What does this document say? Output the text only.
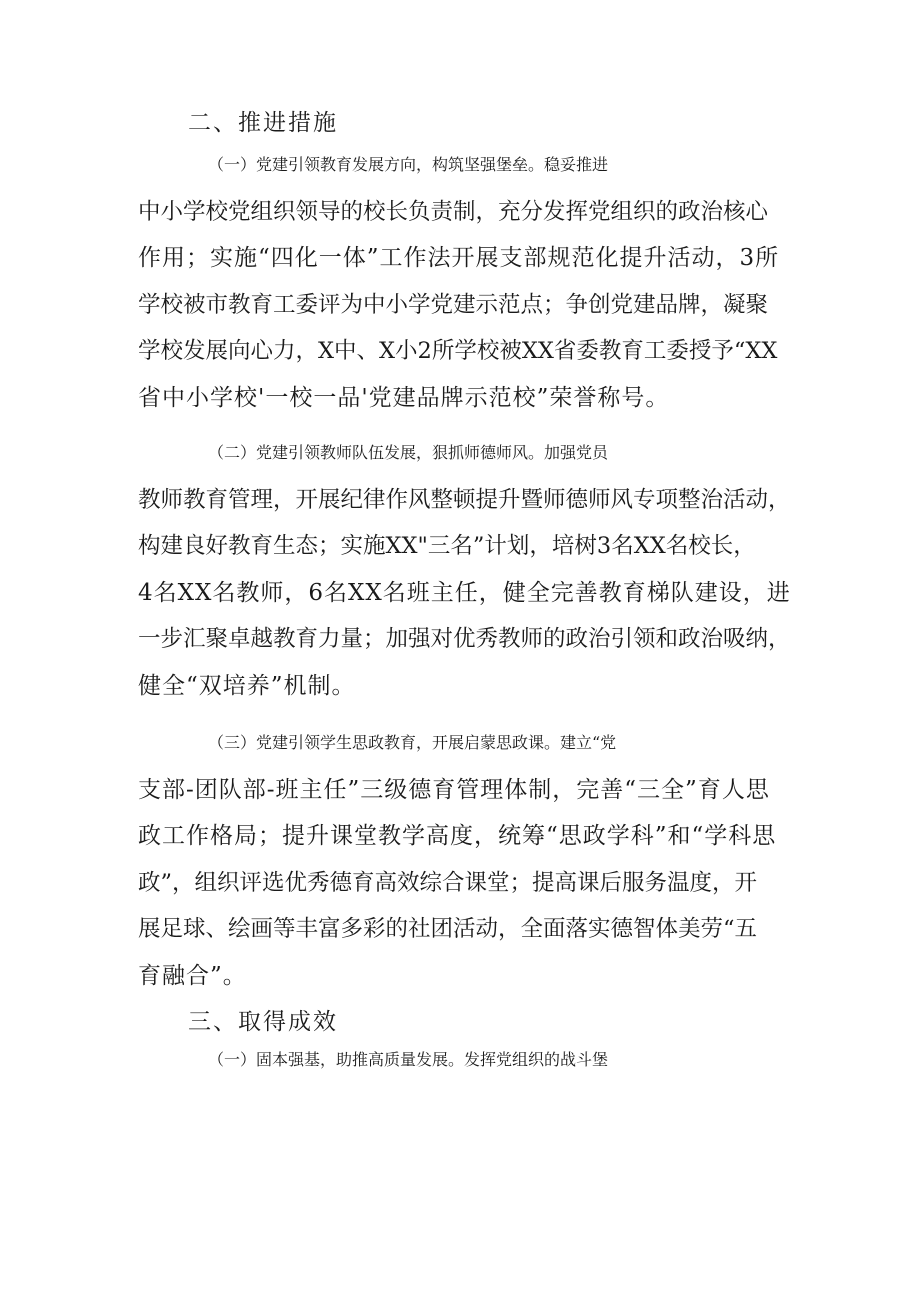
二、推进措施
（一）党建引领教育发展方向，构筑坚强堡垒。稳妥推进
中小学校党组织领导的校长负责制，充分发挥党组织的政治核心
作用；实施“四化一体”工作法开展支部规范化提升活动，3所
学校被市教育工委评为中小学党建示范点；争创党建品牌，凝聚
学校发展向心力，X中、X小2所学校被XX省委教育工委授予“XX
省中小学校'一校一品'党建品牌示范校”荣誉称号。
（二）党建引领教师队伍发展，狠抓师德师风。加强党员
教师教育管理，开展纪律作风整顿提升暨师德师风专项整治活动，
构建良好教育生态；实施XX"三名”计划，培树3名XX名校长，
4名XX名教师，6名XX名班主任，健全完善教育梯队建设，进
一步汇聚卓越教育力量；加强对优秀教师的政治引领和政治吸纳，
健全“双培养”机制。
（三）党建引领学生思政教育，开展启蒙思政课。建立“党
支部-团队部-班主任”三级德育管理体制，完善“三全”育人思
政工作格局；提升课堂教学高度，统筹“思政学科”和“学科思
政”，组织评选优秀德育高效综合课堂；提高课后服务温度，开
展足球、绘画等丰富多彩的社团活动，全面落实德智体美劳“五
育融合”。
三、取得成效
（一）固本强基，助推高质量发展。发挥党组织的战斗堡
